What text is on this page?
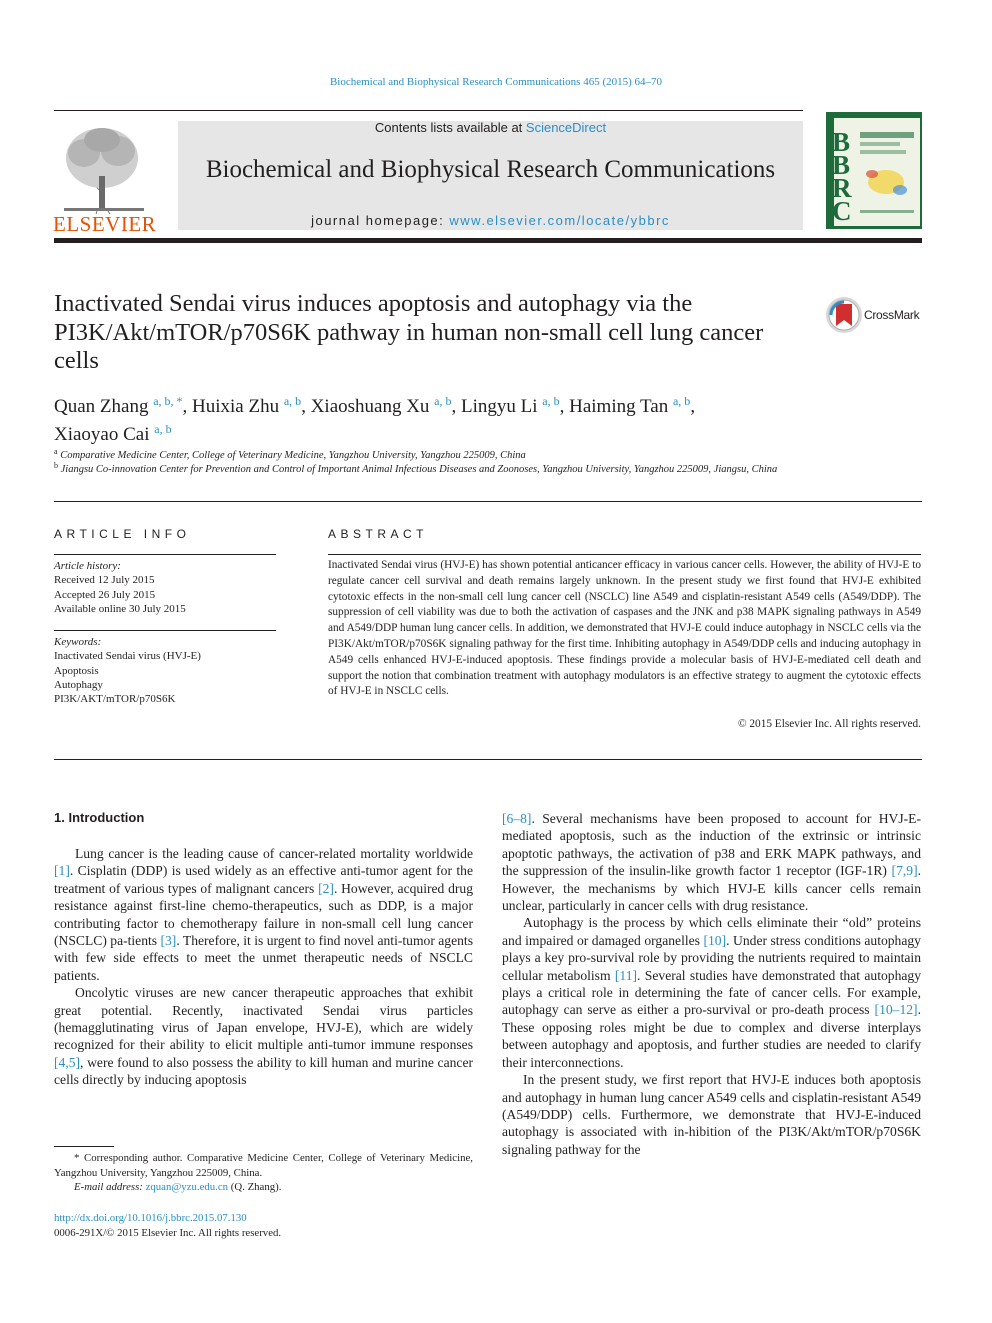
Biochemical and Biophysical Research Communications 465 (2015) 64–70
ELSEVIER
Contents lists available at ScienceDirect
Biochemical and Biophysical Research Communications
journal homepage: www.elsevier.com/locate/ybbrc
B
B
R
C
Inactivated Sendai virus induces apoptosis and autophagy via the PI3K/Akt/mTOR/p70S6K pathway in human non-small cell lung cancer cells
CrossMark
Quan Zhang $^{a, b, *}$, Huixia Zhu $^{a, b}$, Xiaoshuang Xu $^{a, b}$, Lingyu Li $^{a, b}$, Haiming Tan $^{a, b}$,
Xiaoyao Cai $^{a, b}$
$^a$ Comparative Medicine Center, College of Veterinary Medicine, Yangzhou University, Yangzhou 225009, China
$^b$ Jiangsu Co-innovation Center for Prevention and Control of Important Animal Infectious Diseases and Zoonoses, Yangzhou University, Yangzhou 225009, Jiangsu, China
ARTICLE INFO
Article history:
Received 12 July 2015
Accepted 26 July 2015
Available online 30 July 2015
Keywords:
Inactivated Sendai virus (HVJ-E)
Apoptosis
Autophagy
PI3K/AKT/mTOR/p70S6K
ABSTRACT
Inactivated Sendai virus (HVJ-E) has shown potential anticancer efficacy in various cancer cells. However, the ability of HVJ-E to regulate cancer cell survival and death remains largely unknown. In the present study we first found that HVJ-E exhibited cytotoxic effects in the non-small cell lung cancer cell (NSCLC) line A549 and cisplatin-resistant A549 cells (A549/DDP). The suppression of cell viability was due to both the activation of caspases and the JNK and p38 MAPK signaling pathways in A549 and A549/DDP human lung cancer cells. In addition, we demonstrated that HVJ-E could induce autophagy in NSCLC cells via the PI3K/Akt/mTOR/p70S6K signaling pathway for the first time. Inhibiting autophagy in A549/DDP cells and inducing autophagy in A549 cells enhanced HVJ-E-induced apoptosis. These findings provide a molecular basis of HVJ-E-mediated cell death and support the notion that combination treatment with autophagy modulators is an effective strategy to augment the cytotoxic effects of HVJ-E in NSCLC cells.
© 2015 Elsevier Inc. All rights reserved.
1. Introduction

Lung cancer is the leading cause of cancer-related mortality worldwide [1]. Cisplatin (DDP) is used widely as an effective anti-tumor agent for the treatment of various types of malignant cancers [2]. However, acquired drug resistance against first-line chemo-therapeutics, such as DDP, is a major contributing factor to chemotherapy failure in non-small cell lung cancer (NSCLC) pa-tients [3]. Therefore, it is urgent to find novel anti-tumor agents with few side effects to meet the unmet therapeutic needs of NSCLC patients.

Oncolytic viruses are new cancer therapeutic approaches that exhibit great potential. Recently, inactivated Sendai virus particles (hemagglutinating virus of Japan envelope, HVJ-E), which are widely recognized for their ability to elicit multiple anti-tumor immune responses [4,5], were found to also possess the ability to kill human and murine cancer cells directly by inducing apoptosis

[6–8]. Several mechanisms have been proposed to account for HVJ-E-mediated apoptosis, such as the induction of the extrinsic or intrinsic apoptotic pathways, the activation of p38 and ERK MAPK pathways, and the suppression of the insulin-like growth factor 1 receptor (IGF-1R) [7,9]. However, the mechanisms by which HVJ-E kills cancer cells remain unclear, particularly in cancer cells with drug resistance.

Autophagy is the process by which cells eliminate their “old” proteins and impaired or damaged organelles [10]. Under stress conditions autophagy plays a key pro-survival role by providing the nutrients required to maintain cellular metabolism [11]. Several studies have demonstrated that autophagy plays a critical role in determining the fate of cancer cells. For example, autophagy can serve as either a pro-survival or pro-death process [10–12]. These opposing roles might be due to complex and diverse interplays between autophagy and apoptosis, and further studies are needed to clarify their interconnections.

In the present study, we first report that HVJ-E induces both apoptosis and autophagy in human lung cancer A549 cells and cisplatin-resistant A549 (A549/DDP) cells. Furthermore, we demonstrate that HVJ-E-induced autophagy is associated with in-hibition of the PI3K/Akt/mTOR/p70S6K signaling pathway for the

* Corresponding author. Comparative Medicine Center, College of Veterinary Medicine, Yangzhou University, Yangzhou 225009, China.
E-mail address: zquan@yzu.edu.cn (Q. Zhang).
http://dx.doi.org/10.1016/j.bbrc.2015.07.130
0006-291X/© 2015 Elsevier Inc. All rights reserved.
